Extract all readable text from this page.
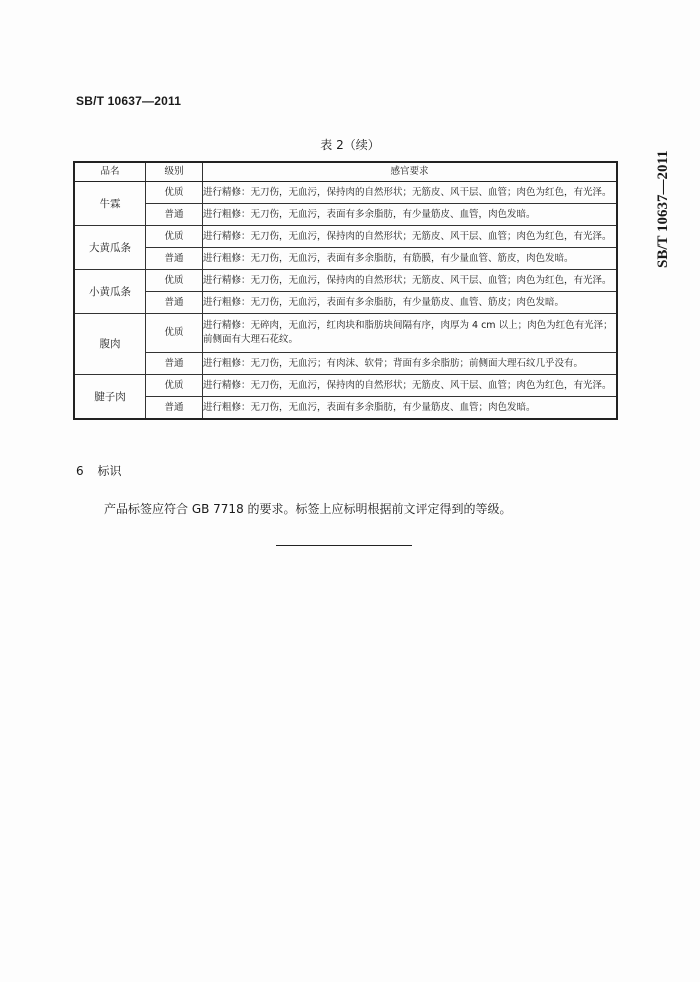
SB/T 10637—2011
SB/T 10637—2011
表 2（续）
品名	级别	感官要求
牛霖	优质	进行精修：无刀伤，无血污，保持肉的自然形状；无筋皮、风干层、血管；肉色为红色，有光泽。
	普通	进行粗修：无刀伤，无血污，表面有多余脂肪，有少量筋皮、血管，肉色发暗。
大黄瓜条	优质	进行精修：无刀伤，无血污，保持肉的自然形状；无筋皮、风干层、血管；肉色为红色，有光泽。
	普通	进行粗修：无刀伤，无血污，表面有多余脂肪，有筋膜，有少量血管、筋皮，肉色发暗。
小黄瓜条	优质	进行精修：无刀伤，无血污，保持肉的自然形状；无筋皮、风干层、血管；肉色为红色，有光泽。
	普通	进行粗修：无刀伤，无血污，表面有多余脂肪，有少量筋皮、血管、筋皮；肉色发暗。
腹肉	优质	进行精修：无碎肉，无血污，红肉块和脂肪块间隔有序，肉厚为 4 cm 以上；肉色为红色有光泽；前侧面有大理石花纹。
	普通	进行粗修：无刀伤，无血污；有肉沫、软骨；背面有多余脂肪；前侧面大理石纹几乎没有。
腱子肉	优质	进行精修：无刀伤，无血污，保持肉的自然形状；无筋皮、风干层、血管；肉色为红色，有光泽。
	普通	进行粗修：无刀伤，无血污，表面有多余脂肪，有少量筋皮、血管；肉色发暗。
6 标识
产品标签应符合 GB 7718 的要求。标签上应标明根据前文评定得到的等级。
